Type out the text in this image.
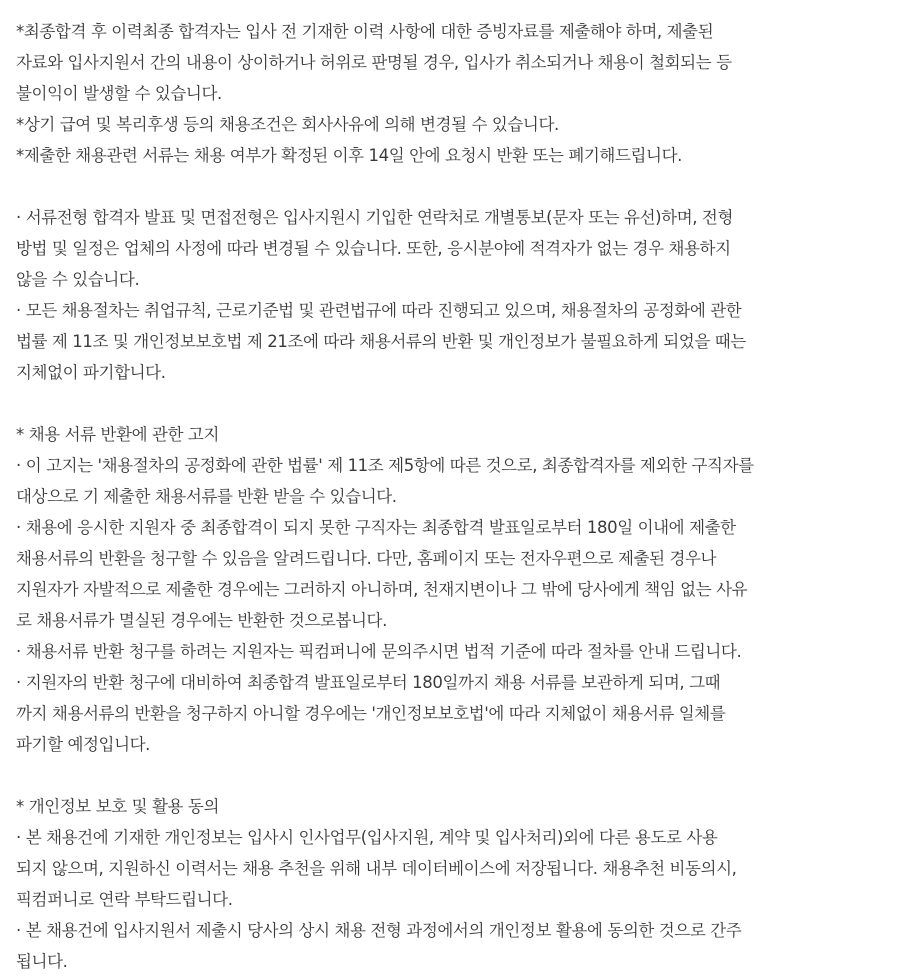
*최종합격 후 이력최종 합격자는 입사 전 기재한 이력 사항에 대한 증빙자료를 제출해야 하며, 제출된
자료와 입사지원서 간의 내용이 상이하거나 허위로 판명될 경우, 입사가 취소되거나 채용이 철회되는 등
불이익이 발생할 수 있습니다.
*상기 급여 및 복리후생 등의 채용조건은 회사사유에 의해 변경될 수 있습니다.
*제출한 채용관련 서류는 채용 여부가 확정된 이후 14일 안에 요청시 반환 또는 폐기해드립니다.
· 서류전형 합격자 발표 및 면접전형은 입사지원시 기입한 연락처로 개별통보(문자 또는 유선)하며, 전형
방법 및 일정은 업체의 사정에 따라 변경될 수 있습니다. 또한, 응시분야에 적격자가 없는 경우 채용하지
않을 수 있습니다.
· 모든 채용절차는 취업규칙, 근로기준법 및 관련법규에 따라 진행되고 있으며, 채용절차의 공정화에 관한
법률 제 11조 및 개인정보보호법 제 21조에 따라 채용서류의 반환 및 개인정보가 불필요하게 되었을 때는
지체없이 파기합니다.
* 채용 서류 반환에 관한 고지
· 이 고지는 '채용절차의 공정화에 관한 법률' 제 11조 제5항에 따른 것으로, 최종합격자를 제외한 구직자를
대상으로 기 제출한 채용서류를 반환 받을 수 있습니다.
· 채용에 응시한 지원자 중 최종합격이 되지 못한 구직자는 최종합격 발표일로부터 180일 이내에 제출한
채용서류의 반환을 청구할 수 있음을 알려드립니다. 다만, 홈페이지 또는 전자우편으로 제출된 경우나
지원자가 자발적으로 제출한 경우에는 그러하지 아니하며, 천재지변이나 그 밖에 당사에게 책임 없는 사유
로 채용서류가 멸실된 경우에는 반환한 것으로봅니다.
· 채용서류 반환 청구를 하려는 지원자는 픽컴퍼니에 문의주시면 법적 기준에 따라 절차를 안내 드립니다.
· 지원자의 반환 청구에 대비하여 최종합격 발표일로부터 180일까지 채용 서류를 보관하게 되며, 그때
까지 채용서류의 반환을 청구하지 아니할 경우에는 '개인정보보호법'에 따라 지체없이 채용서류 일체를
파기할 예정입니다.
* 개인정보 보호 및 활용 동의
· 본 채용건에 기재한 개인정보는 입사시 인사업무(입사지원, 계약 및 입사처리)외에 다른 용도로 사용
되지 않으며, 지원하신 이력서는 채용 추천을 위해 내부 데이터베이스에 저장됩니다. 채용추천 비동의시,
픽컴퍼니로 연락 부탁드립니다.
· 본 채용건에 입사지원서 제출시 당사의 상시 채용 전형 과정에서의 개인정보 활용에 동의한 것으로 간주
됩니다.
